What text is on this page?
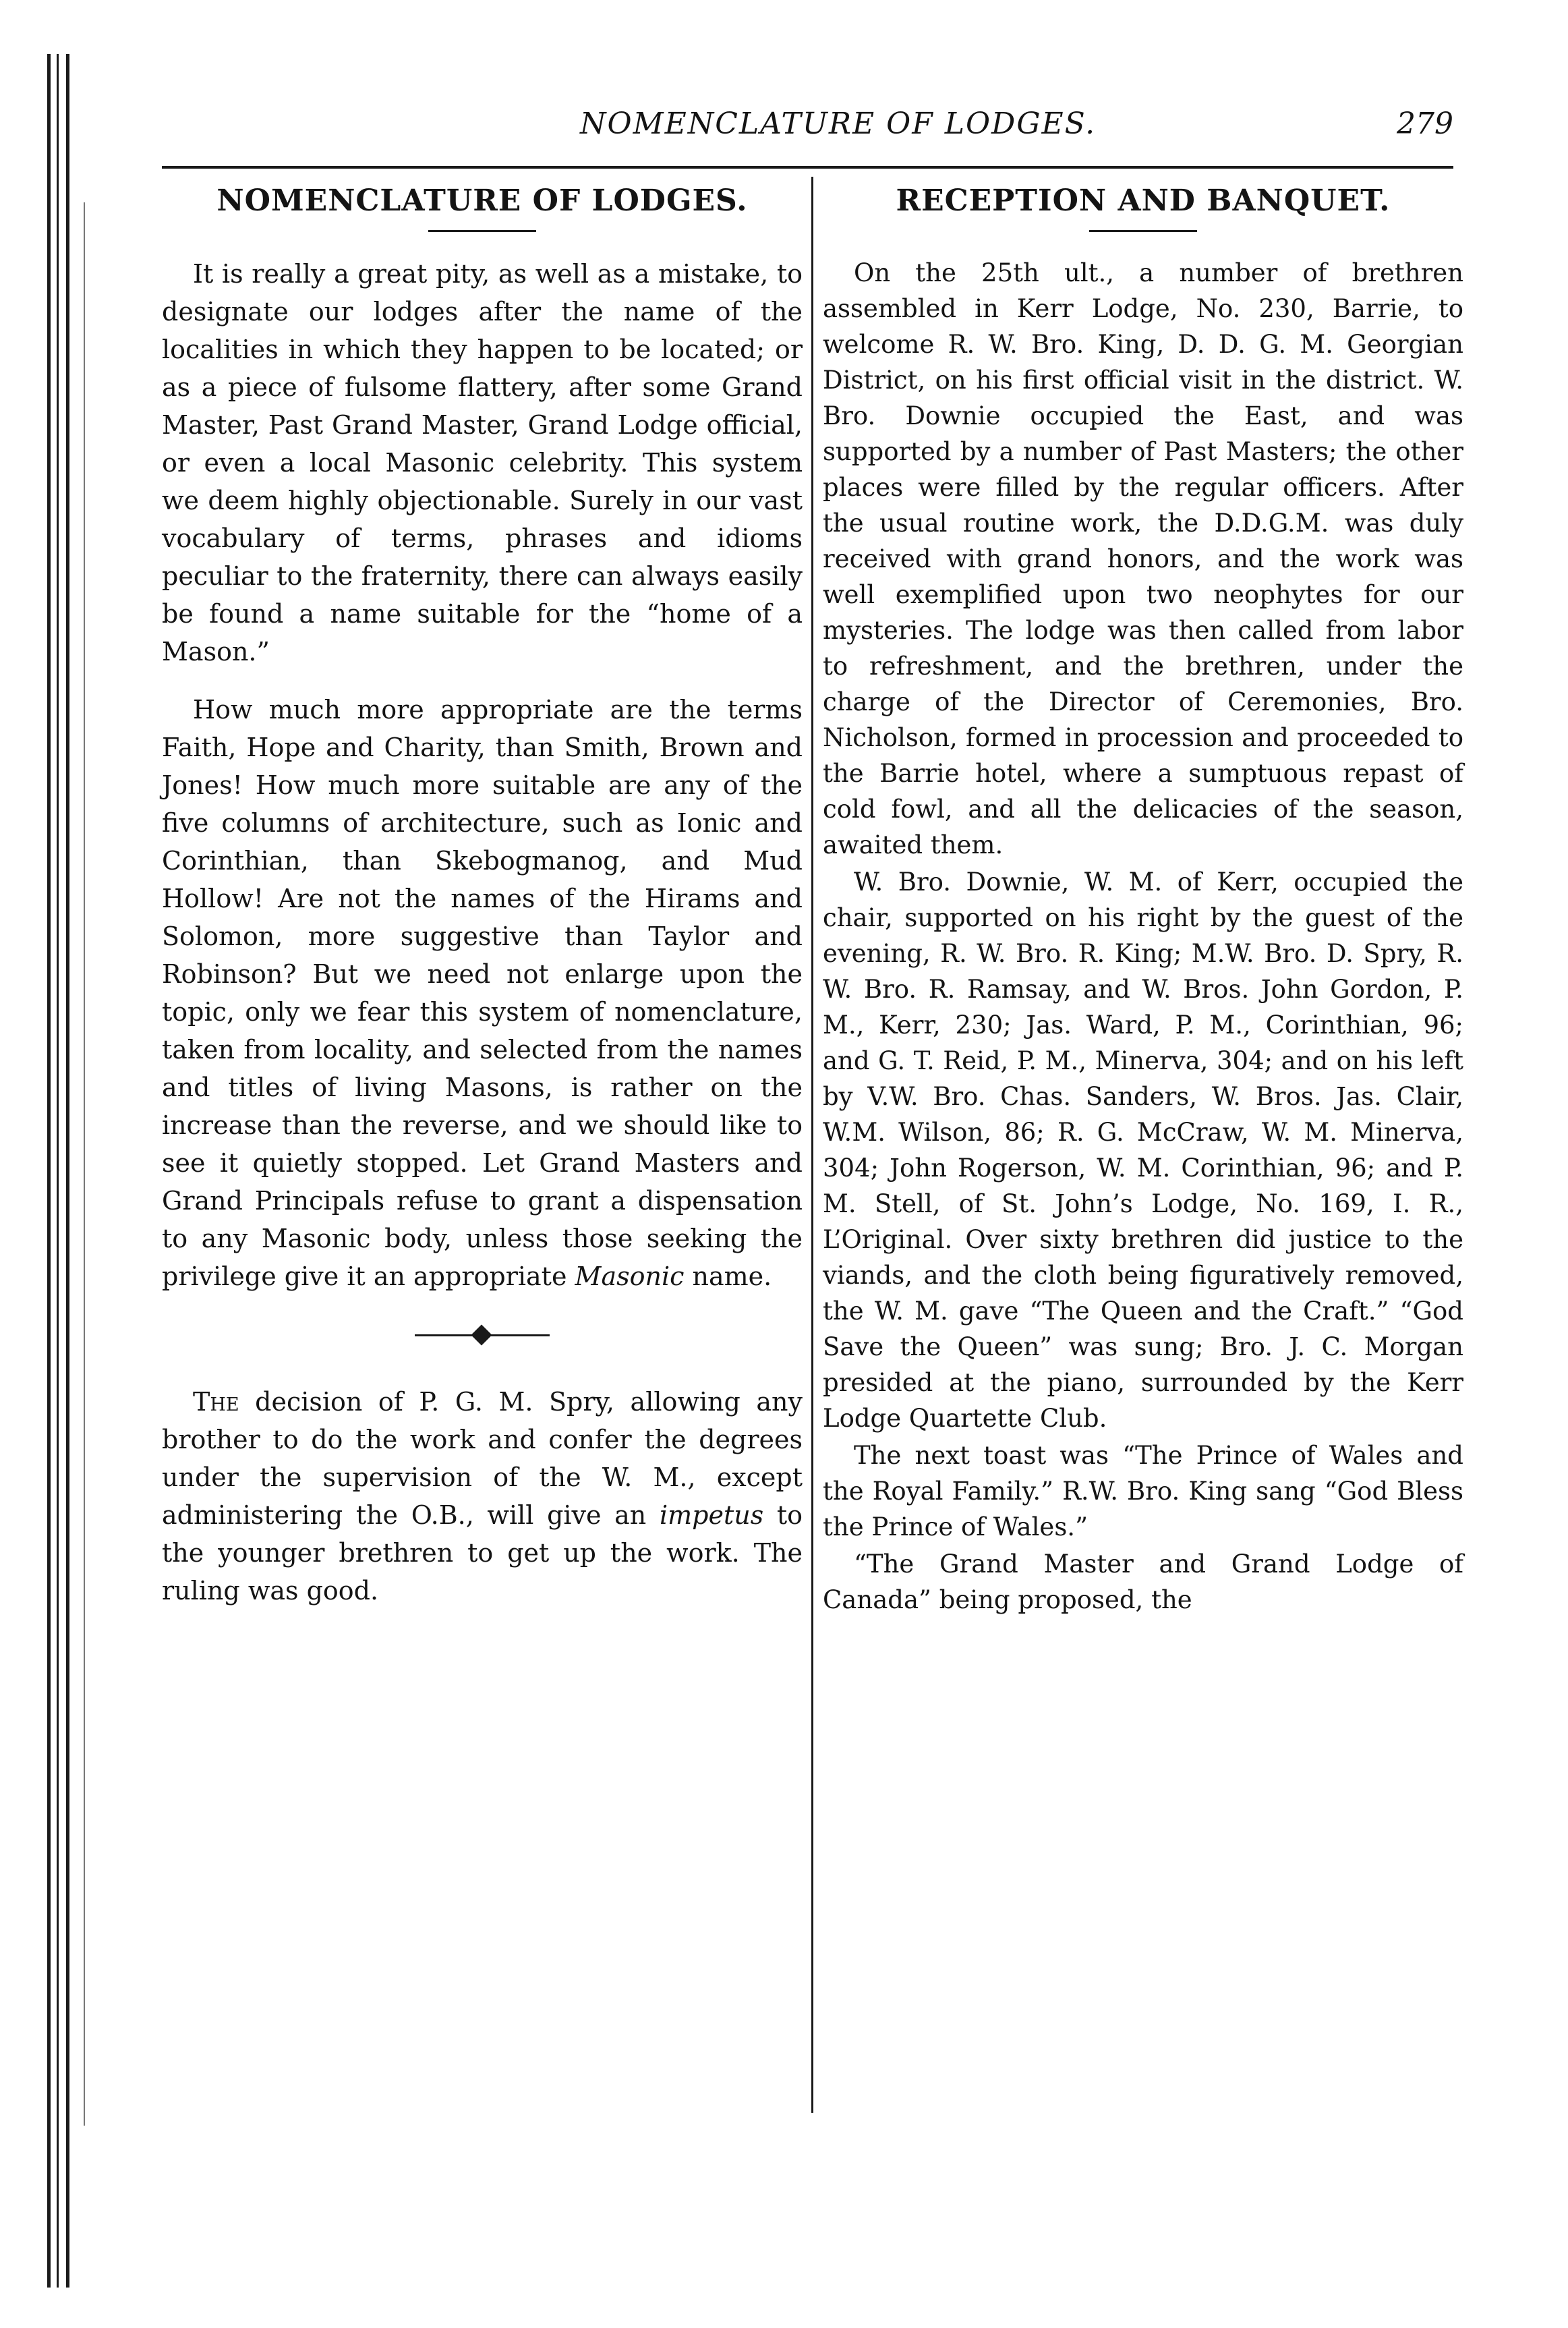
NOMENCLATURE OF LODGES.	279
NOMENCLATURE OF LODGES.

It is really a great pity, as well as a mistake, to designate our lodges after the name of the localities in which they happen to be located; or as a piece of fulsome flattery, after some Grand Master, Past Grand Master, Grand Lodge official, or even a local Masonic celebrity. This system we deem highly objectionable. Surely in our vast vocabulary of terms, phrases and idioms peculiar to the fraternity, there can always easily be found a name suitable for the “home of a Mason.”

How much more appropriate are the terms Faith, Hope and Charity, than Smith, Brown and Jones! How much more suitable are any of the five columns of architecture, such as Ionic and Corinthian, than Skebogmanog, and Mud Hollow! Are not the names of the Hirams and Solomon, more suggestive than Taylor and Robinson? But we need not enlarge upon the topic, only we fear this system of nomenclature, taken from locality, and selected from the names and titles of living Masons, is rather on the increase than the reverse, and we should like to see it quietly stopped. Let Grand Masters and Grand Principals refuse to grant a dispensation to any Masonic body, unless those seeking the privilege give it an appropriate Masonic name.

The decision of P. G. M. Spry, allowing any brother to do the work and confer the degrees under the supervision of the W. M., except administering the O.B., will give an impetus to the younger brethren to get up the work. The ruling was good.

RECEPTION AND BANQUET.

On the 25th ult., a number of brethren assembled in Kerr Lodge, No. 230, Barrie, to welcome R. W. Bro. King, D. D. G. M. Georgian District, on his first official visit in the district. W. Bro. Downie occupied the East, and was supported by a number of Past Masters; the other places were filled by the regular officers. After the usual routine work, the D.D.G.M. was duly received with grand honors, and the work was well exemplified upon two neophytes for our mysteries. The lodge was then called from labor to refreshment, and the brethren, under the charge of the Director of Ceremonies, Bro. Nicholson, formed in procession and proceeded to the Barrie hotel, where a sumptuous repast of cold fowl, and all the delicacies of the season, awaited them.

W. Bro. Downie, W. M. of Kerr, occupied the chair, supported on his right by the guest of the evening, R. W. Bro. R. King; M.W. Bro. D. Spry, R. W. Bro. R. Ramsay, and W. Bros. John Gordon, P. M., Kerr, 230; Jas. Ward, P. M., Corinthian, 96; and G. T. Reid, P. M., Minerva, 304; and on his left by V.W. Bro. Chas. Sanders, W. Bros. Jas. Clair, W.M. Wilson, 86; R. G. McCraw, W. M. Minerva, 304; John Rogerson, W. M. Corinthian, 96; and P. M. Stell, of St. John’s Lodge, No. 169, I. R., L’Original. Over sixty brethren did justice to the viands, and the cloth being figuratively removed, the W. M. gave “The Queen and the Craft.” “God Save the Queen” was sung; Bro. J. C. Morgan presided at the piano, surrounded by the Kerr Lodge Quartette Club.

The next toast was “The Prince of Wales and the Royal Family.” R.W. Bro. King sang “God Bless the Prince of Wales.”

“The Grand Master and Grand Lodge of Canada” being proposed, the
